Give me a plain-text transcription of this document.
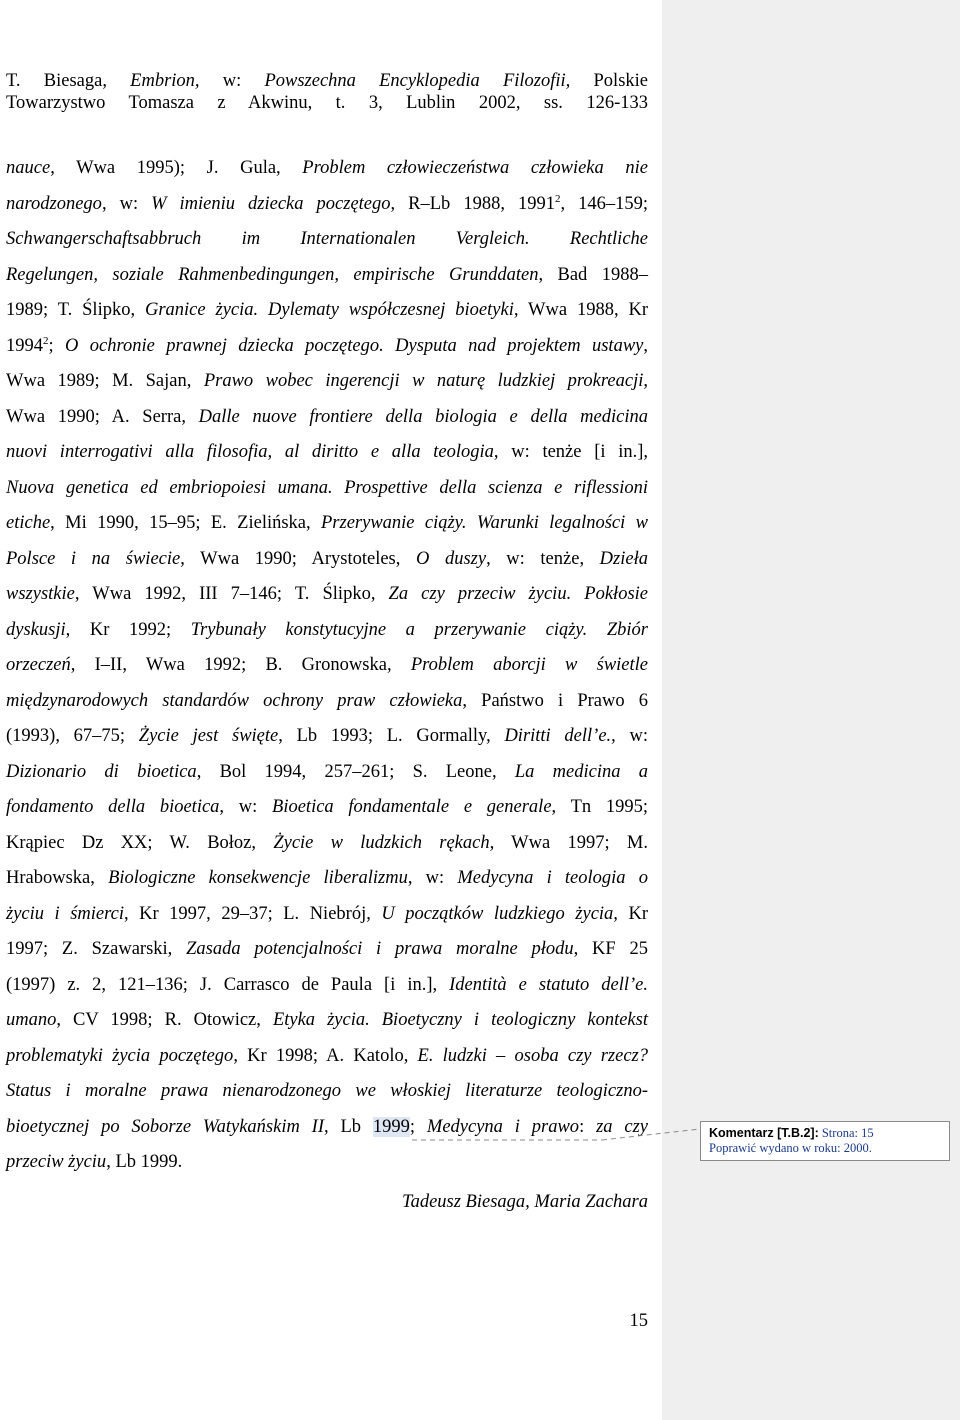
T. Biesaga, Embrion, w: Powszechna Encyklopedia Filozofii, Polskie
Towarzystwo Tomasza z Akwinu, t. 3, Lublin 2002, ss. 126-133
nauce, Wwa 1995); J. Gula, Problem człowieczeństwa człowieka nie
narodzonego, w: W imieniu dziecka poczętego, R–Lb 1988, 1991$^2$, 146–159;
Schwangerschaftsabbruch im Internationalen Vergleich. Rechtliche
Regelungen, soziale Rahmenbedingungen, empirische Grunddaten, Bad 1988–
1989; T. Ślipko, Granice życia. Dylematy współczesnej bioetyki, Wwa 1988, Kr
1994$^2$; O ochronie prawnej dziecka poczętego. Dysputa nad projektem ustawy,
Wwa 1989; M. Sajan, Prawo wobec ingerencji w naturę ludzkiej prokreacji,
Wwa 1990; A. Serra, Dalle nuove frontiere della biologia e della medicina
nuovi interrogativi alla filosofia, al diritto e alla teologia, w: tenże [i in.],
Nuova genetica ed embriopoiesi umana. Prospettive della scienza e riflessioni
etiche, Mi 1990, 15–95; E. Zielińska, Przerywanie ciąży. Warunki legalności w
Polsce i na świecie, Wwa 1990; Arystoteles, O duszy, w: tenże, Dzieła
wszystkie, Wwa 1992, III 7–146; T. Ślipko, Za czy przeciw życiu. Pokłosie
dyskusji, Kr 1992; Trybunały konstytucyjne a przerywanie ciąży. Zbiór
orzeczeń, I–II, Wwa 1992; B. Gronowska, Problem aborcji w świetle
międzynarodowych standardów ochrony praw człowieka, Państwo i Prawo 6
(1993), 67–75; Życie jest święte, Lb 1993; L. Gormally, Diritti dell’e., w:
Dizionario di bioetica, Bol 1994, 257–261; S. Leone, La medicina a
fondamento della bioetica, w: Bioetica fondamentale e generale, Tn 1995;
Krąpiec Dz XX; W. Bołoz, Życie w ludzkich rękach, Wwa 1997; M.
Hrabowska, Biologiczne konsekwencje liberalizmu, w: Medycyna i teologia o
życiu i śmierci, Kr 1997, 29–37; L. Niebrój, U początków ludzkiego życia, Kr
1997; Z. Szawarski, Zasada potencjalności i prawa moralne płodu, KF 25
(1997) z. 2, 121–136; J. Carrasco de Paula [i in.], Identità e statuto dell’e.
umano, CV 1998; R. Otowicz, Etyka życia. Bioetyczny i teologiczny kontekst
problematyki życia poczętego, Kr 1998; A. Katolo, E. ludzki – osoba czy rzecz?
Status i moralne prawa nienarodzonego we włoskiej literaturze teologiczno-
bioetycznej po Soborze Watykańskim II, Lb 1999; Medycyna i prawo: za czy
przeciw życiu, Lb 1999.
Tadeusz Biesaga, Maria Zachara
15
Komentarz [T.B.2]: Strona: 15
Poprawić wydano w roku: 2000.
